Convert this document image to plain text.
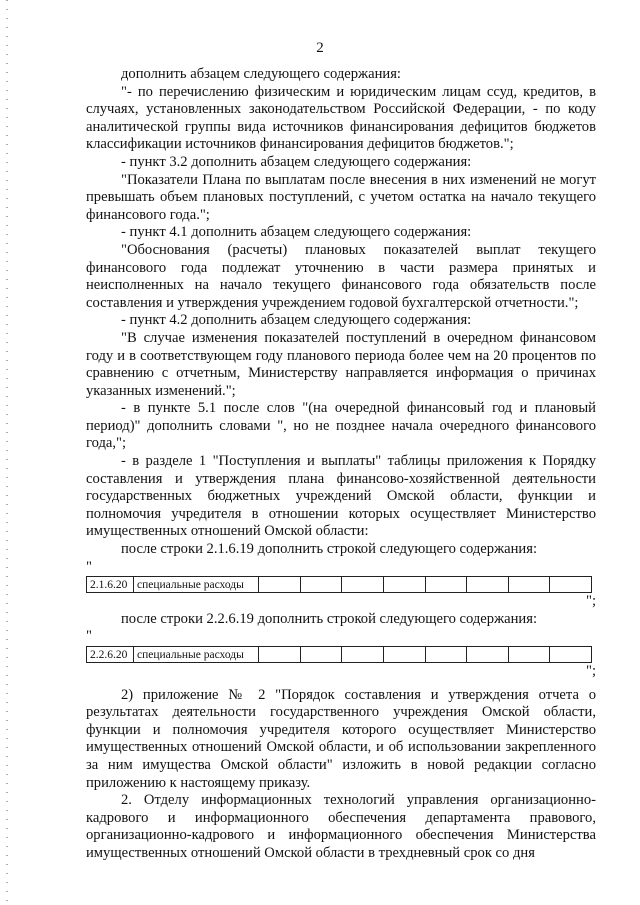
2

дополнить абзацем следующего содержания:

"- по перечислению физическим и юридическим лицам ссуд, кредитов, в случаях, установленных законодательством Российской Федерации, - по коду аналитической группы вида источников финансирования дефицитов бюджетов классификации источников финансирования дефицитов бюджетов.";

- пункт 3.2 дополнить абзацем следующего содержания:

"Показатели Плана по выплатам после внесения в них изменений не могут превышать объем плановых поступлений, с учетом остатка на начало текущего финансового года.";

- пункт 4.1 дополнить абзацем следующего содержания:

"Обоснования (расчеты) плановых показателей выплат текущего финансового года подлежат уточнению в части размера принятых и неисполненных на начало текущего финансового года обязательств после составления и утверждения учреждением годовой бухгалтерской отчетности.";

- пункт 4.2 дополнить абзацем следующего содержания:

"В случае изменения показателей поступлений в очередном финансовом году и в соответствующем году планового периода более чем на 20 процентов по сравнению с отчетным, Министерству направляется информация о причинах указанных изменений.";

- в пункте 5.1 после слов "(на очередной финансовый год и плановый период)" дополнить словами ", но не позднее начала очередного финансового года,";

- в разделе 1 "Поступления и выплаты" таблицы приложения к Порядку составления и утверждения плана финансово-хозяйственной деятельности государственных бюджетных учреждений Омской области, функции и полномочия учредителя в отношении которых осуществляет Министерство имущественных отношений Омской области:

после строки 2.1.6.19 дополнить строкой следующего содержания:

"

2.1.6.20	специальные расходы								

";

после строки 2.2.6.19 дополнить строкой следующего содержания:

"

2.2.6.20	специальные расходы								

";

2) приложение № 2 "Порядок составления и утверждения отчета о результатах деятельности государственного учреждения Омской области, функции и полномочия учредителя которого осуществляет Министерство имущественных отношений Омской области, и об использовании закрепленного за ним имущества Омской области" изложить в новой редакции согласно приложению к настоящему приказу.

2. Отделу информационных технологий управления организационно-кадрового и информационного обеспечения департамента правового, организационно-кадрового и информационного обеспечения Министерства имущественных отношений Омской области в трехдневный срок со дня
